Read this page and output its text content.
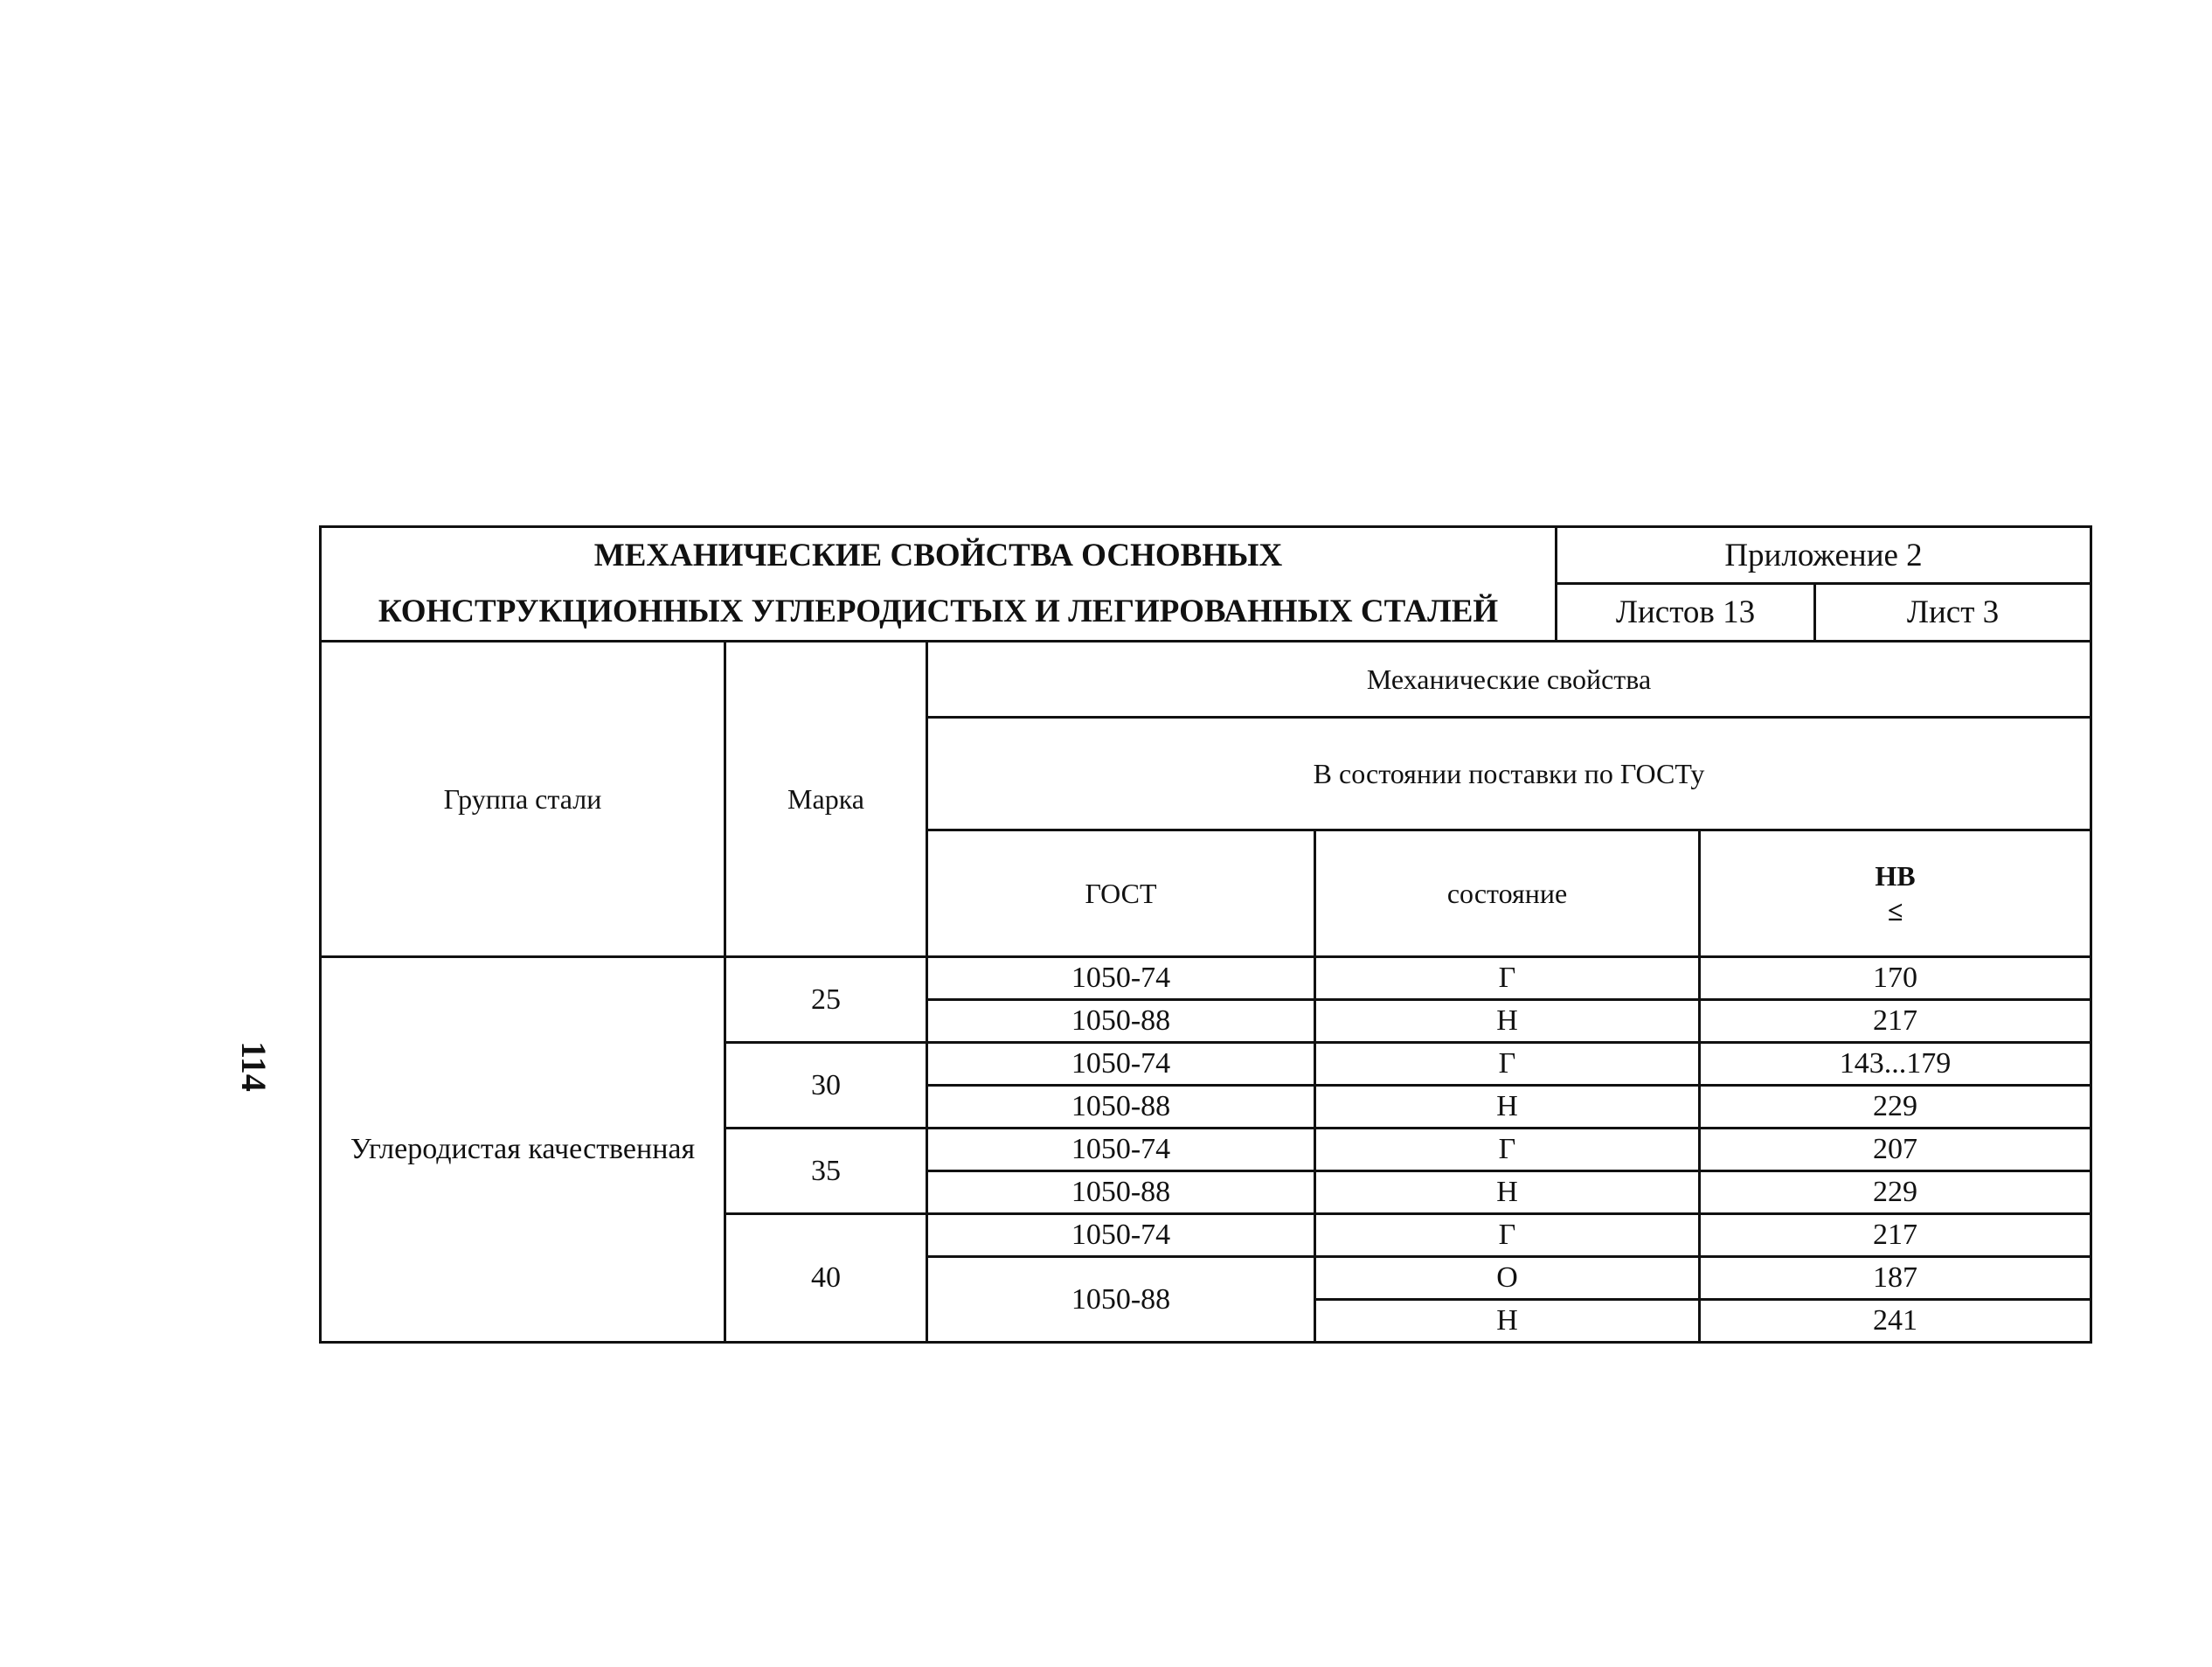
114
МЕХАНИЧЕСКИЕ СВОЙСТВА ОСНОВНЫХ
КОНСТРУКЦИОННЫХ УГЛЕРОДИСТЫХ И ЛЕГИРОВАННЫХ СТАЛЕЙ	Приложение 2	
	Листов 13	Лист 3
Группа стали	Марка	Механические свойства		
		В состоянии поставки по ГОСТу		
		ГОСТ	состояние	HB
≤

Углеродистая качественная	25	1050-74	Г	170
		1050-88	Н	217
	30	1050-74	Г	143...179
		1050-88	Н	229
	35	1050-74	Г	207
		1050-88	Н	229
	40	1050-74	Г	217
		1050-88	О	187
			Н	241
